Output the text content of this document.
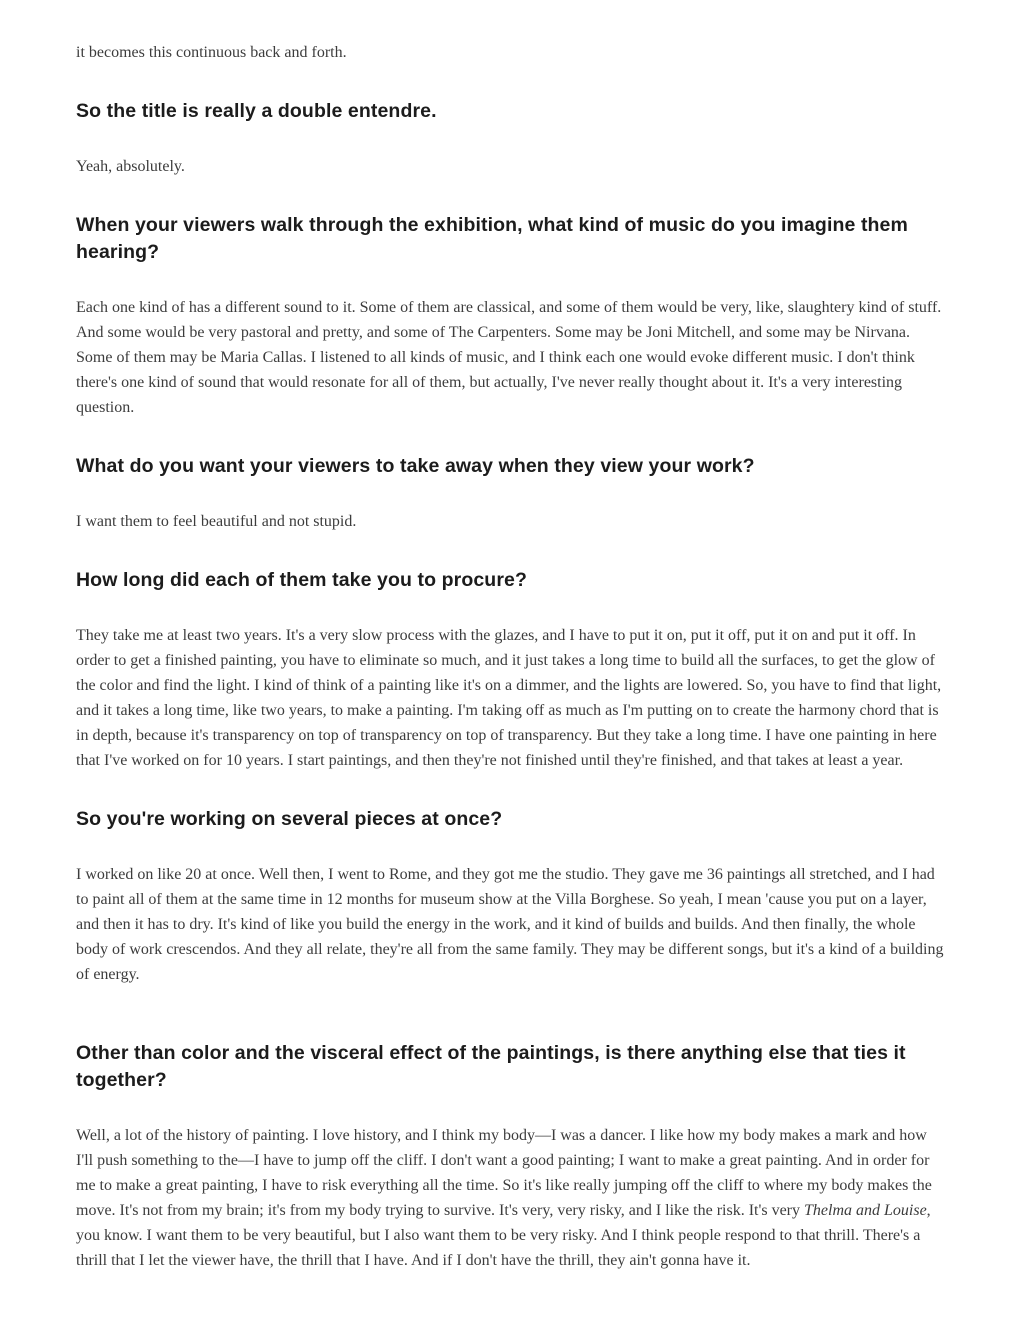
it becomes this continuous back and forth.

So the title is really a double entendre.

Yeah, absolutely.

When your viewers walk through the exhibition, what kind of music do you imagine them hearing?

Each one kind of has a different sound to it. Some of them are classical, and some of them would be very, like, slaughtery kind of stuff. And some would be very pastoral and pretty, and some of The Carpenters. Some may be Joni Mitchell, and some may be Nirvana. Some of them may be Maria Callas. I listened to all kinds of music, and I think each one would evoke different music. I don't think there's one kind of sound that would resonate for all of them, but actually, I've never really thought about it. It's a very interesting question.

What do you want your viewers to take away when they view your work?

I want them to feel beautiful and not stupid.

How long did each of them take you to procure?

They take me at least two years. It's a very slow process with the glazes, and I have to put it on, put it off, put it on and put it off. In order to get a finished painting, you have to eliminate so much, and it just takes a long time to build all the surfaces, to get the glow of the color and find the light. I kind of think of a painting like it's on a dimmer, and the lights are lowered. So, you have to find that light, and it takes a long time, like two years, to make a painting. I'm taking off as much as I'm putting on to create the harmony chord that is in depth, because it's transparency on top of transparency on top of transparency. But they take a long time. I have one painting in here that I've worked on for 10 years. I start paintings, and then they're not finished until they're finished, and that takes at least a year.

So you're working on several pieces at once?

I worked on like 20 at once. Well then, I went to Rome, and they got me the studio. They gave me 36 paintings all stretched, and I had to paint all of them at the same time in 12 months for museum show at the Villa Borghese. So yeah, I mean 'cause you put on a layer, and then it has to dry. It's kind of like you build the energy in the work, and it kind of builds and builds. And then finally, the whole body of work crescendos. And they all relate, they're all from the same family. They may be different songs, but it's a kind of a building of energy.

Other than color and the visceral effect of the paintings, is there anything else that ties it together?

Well, a lot of the history of painting. I love history, and I think my body—I was a dancer. I like how my body makes a mark and how I'll push something to the—I have to jump off the cliff. I don't want a good painting; I want to make a great painting. And in order for me to make a great painting, I have to risk everything all the time. So it's like really jumping off the cliff to where my body makes the move. It's not from my brain; it's from my body trying to survive. It's very, very risky, and I like the risk. It's very Thelma and Louise, you know. I want them to be very beautiful, but I also want them to be very risky. And I think people respond to that thrill. There's a thrill that I let the viewer have, the thrill that I have. And if I don't have the thrill, they ain't gonna have it.
